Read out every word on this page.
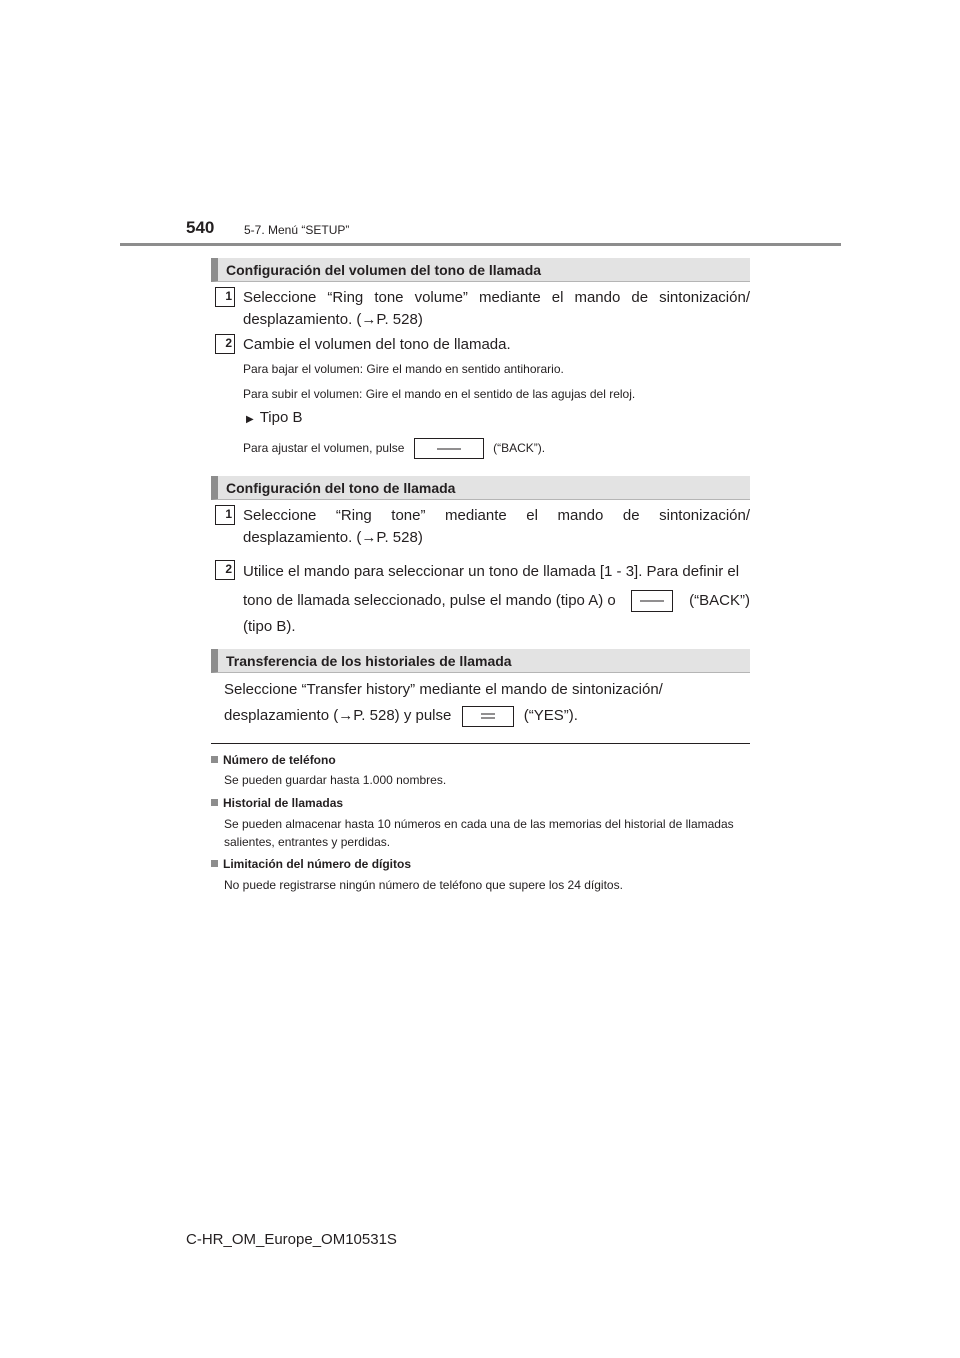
540 5-7. Menú “SETUP”
Configuración del volumen del tono de llamada
1 Seleccione “Ring tone volume” mediante el mando de sintonización/ desplazamiento. (→P. 528)
2 Cambie el volumen del tono de llamada.
Para bajar el volumen: Gire el mando en sentido antihorario.
Para subir el volumen: Gire el mando en el sentido de las agujas del reloj.
▶ Tipo B
Para ajustar el volumen, pulse	(“BACK”).
Configuración del tono de llamada
1 Seleccione “Ring tone” mediante el mando de sintonización/ desplazamiento. (→P. 528)
2 Utilice el mando para seleccionar un tono de llamada [1 - 3]. Para definir el
tono de llamada seleccionado, pulse el mando (tipo A) o	(“BACK”)
(tipo B).
Transferencia de los historiales de llamada
Seleccione “Transfer history” mediante el mando de sintonización/
desplazamiento (→P. 528) y pulse	(“YES”).
Número de teléfono
Se pueden guardar hasta 1.000 nombres.
Historial de llamadas
Se pueden almacenar hasta 10 números en cada una de las memorias del historial de llamadas salientes, entrantes y perdidas.
Limitación del número de dígitos
No puede registrarse ningún número de teléfono que supere los 24 dígitos.
C-HR_OM_Europe_OM10531S
